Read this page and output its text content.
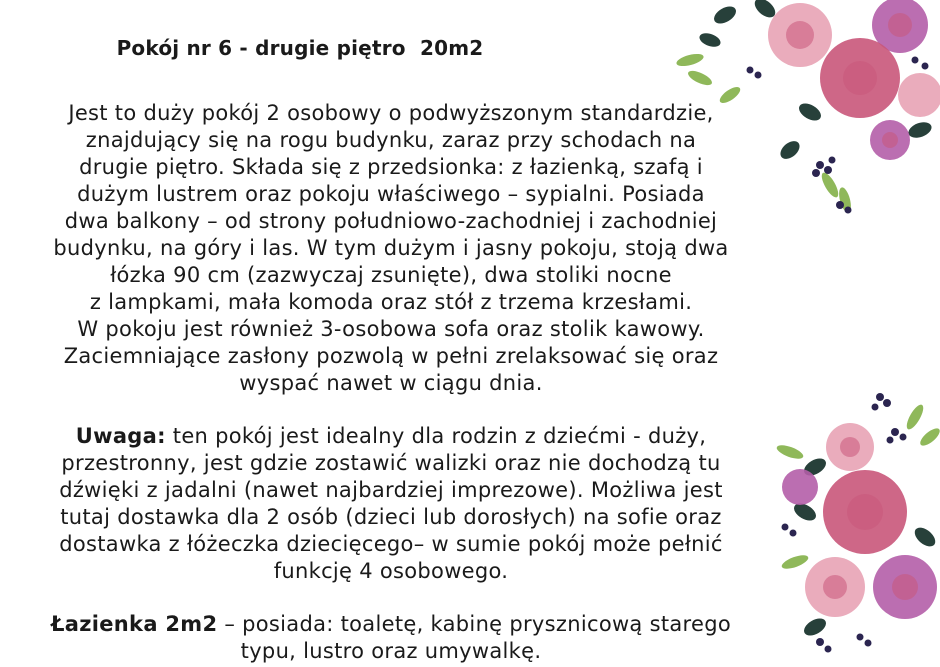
Pokój nr 6 - drugie piętro  20m2

Jest to duży pokój 2 osobowy o podwyższonym standardzie,
znajdujący się na rogu budynku, zaraz przy schodach na
drugie piętro. Składa się z przedsionka: z łazienką, szafą i
dużym lustrem oraz pokoju właściwego – sypialni. Posiada
dwa balkony – od strony południowo-zachodniej i zachodniej
budynku, na góry i las. W tym dużym i jasny pokoju, stoją dwa
łózka 90 cm (zazwyczaj zsunięte), dwa stoliki nocne
z lampkami, mała komoda oraz stół z trzema krzesłami.
W pokoju jest również 3-osobowa sofa oraz stolik kawowy.
Zaciemniające zasłony pozwolą w pełni zrelaksować się oraz
wyspać nawet w ciągu dnia.

Uwaga: ten pokój jest idealny dla rodzin z dziećmi - duży,
przestronny, jest gdzie zostawić walizki oraz nie dochodzą tu
dźwięki z jadalni (nawet najbardziej imprezowe). Możliwa jest
tutaj dostawka dla 2 osób (dzieci lub dorosłych) na sofie oraz
dostawka z łóżeczka dziecięcego– w sumie pokój może pełnić
funkcję 4 osobowego.

Łazienka 2m2 – posiada: toaletę, kabinę prysznicową starego
typu, lustro oraz umywalkę.
